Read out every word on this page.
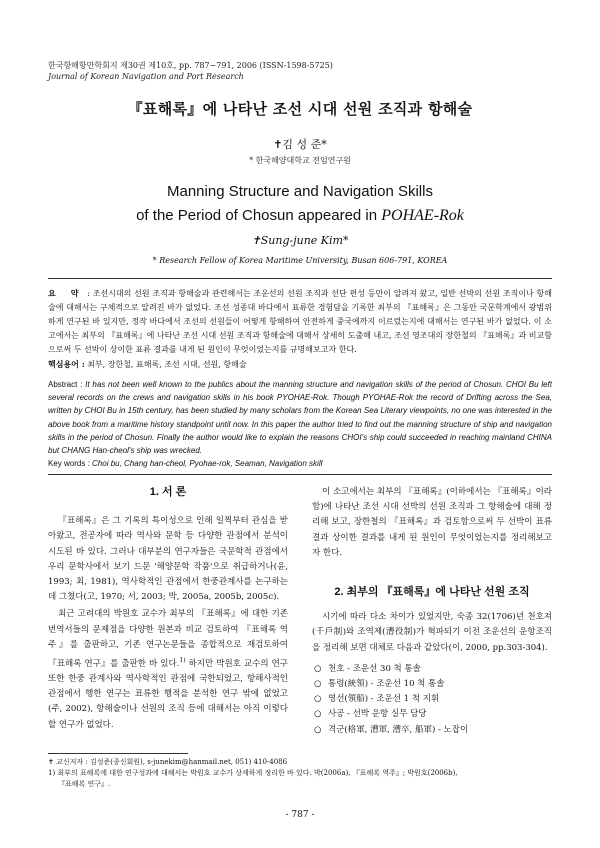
한국항해항만학회지 제30권 제10호, pp. 787~791, 2006 (ISSN-1598-5725)
Journal of Korean Navigation and Port Research
『표해록』에 나타난 조선 시대 선원 조직과 항해술
✝김 성 준*
* 한국해양대학교 전임연구원
Manning Structure and Navigation Skills
of the Period of Chosun appeared in POHAE-Rok
✝Sung-june Kim*
* Research Fellow of Korea Maritime University, Busan 606-791, KOREA
요 약 : 조선시대의 선원 조직과 항해술과 관련해서는 조운선의 선원 조직과 선단 편성 등만이 알려져 왔고, 일반 선박의 선원 조직이나 항해술에 대해서는 구체적으로 알려진 바가 없었다. 조선 성종대 바다에서 표류한 경험담을 기록한 최부의 『표해록』은 그동안 국문학계에서 광범위하게 연구된 바 있지만, 정작 바다에서 조선의 선원들이 어떻게 항해하여 안전하게 중국에까지 이르렀는지에 대해서는 연구된 바가 없었다. 이 소고에서는 최부의 『표해록』에 나타난 조선 시대 선원 조직과 항해술에 대해서 상세히 도출해 내고, 조선 영조대의 장한철의 『표해록』과 비교함으로써 두 선박이 상이한 표류 결과를 내게 된 원인이 무엇이었는지를 규명해보고자 한다.
핵심용어 : 최부, 장한철, 표해록, 조선 시대, 선원, 항해술
Abstract : It has not been well known to the publics about the manning structure and navigation skills of the period of Chosun. CHOI Bu left several records on the crews and navigation skills in his book PYOHAE-Rok. Though PYOHAE-Rok the record of Drifting across the Sea, written by CHOI Bu in 15th century, has been studied by many scholars from the Korean Sea Literary viewpoints, no one was interested in the above book from a maritime history standpoint until now. In this paper the author tried to find out the manning structure of ship and navigation skills in the period of Chosun. Finally the author would like to explain the reasons CHOI's ship could succeeded in reaching mainland CHINA but CHANG Han-cheol's ship was wrecked.
Key words : Choi bu, Chang han-cheol, Pyohae-rok, Seaman, Navigation skill
1. 서 론

『표해록』은 그 기록의 특이성으로 인해 일찍부터 관심을 받아왔고, 전공자에 따라 역사와 문학 등 다양한 관점에서 분석이 시도된 바 있다. 그러나 대부분의 연구자들은 국문학적 관점에서 우리 문학사에서 보기 드문 '해양문학 작품'으로 취급하거나(윤, 1993; 최, 1981), 역사학적인 관점에서 한중관계사를 논구하는 데 그쳤다(고, 1970; 서, 2003; 박, 2005a, 2005b, 2005c).

최근 고려대의 박원호 교수가 최부의 『표해록』에 대한 기존 번역서들의 문제점을 다양한 원본과 비교 검토하여 『표해록 역주』를 출판하고, 기존 연구논문들을 종합적으로 재검토하여 『표해록 연구』를 출판한 바 있다.$^{1)}$ 하지만 박원호 교수의 연구 또한 한중 관계사와 역사학적인 관점에 국한되었고, 항해사적인 관점에서 행한 연구는 표류한 행적을 분석한 연구 밖에 없었고(주, 2002), 항해술이나 선원의 조직 등에 대해서는 아직 이렇다 할 연구가 없었다.

이 소고에서는 최부의 『표해록』(이하에서는 『표해록』이라 함)에 나타난 조선 시대 선박의 선원 조직과 그 항해술에 대해 정리해 보고, 장한철의 『표해록』과 검토함으로써 두 선박이 표류 결과 상이한 결과를 내게 된 원인이 무엇이었는지를 정리해보고자 한다.

2. 최부의 『표해록』에 나타난 선원 조직

시기에 따라 다소 차이가 있었지만, 숙종 32(1706)년 천호져(千戶制)와 조역제(漕役制)가 혁파되기 이전 조운선의 운항조직을 정리해 보면 대체로 다음과 같았다(이, 2000, pp.303-304).

○ 천호 - 조운선 30 척 통솔
○ 통령(統領) - 조운선 10 척 통솔
○ 영선(領船) - 조운선 1 척 지휘
○ 사공 - 선박 운항 실무 담당
○ 격군(格軍, 漕軍, 漕卒, 船軍) - 노잡이
✝ 교신저자 : 김성준(종신회원), s-junekim@hanmail.net, 051) 410-4086
1) 최부의 표해록에 대한 연구성과에 대해서는 박원호 교수가 상세하게 정리한 바 있다. 박(2006a), 『표해록 역주』; 박원호(2006b),
『표해록 연구』.
- 787 -
